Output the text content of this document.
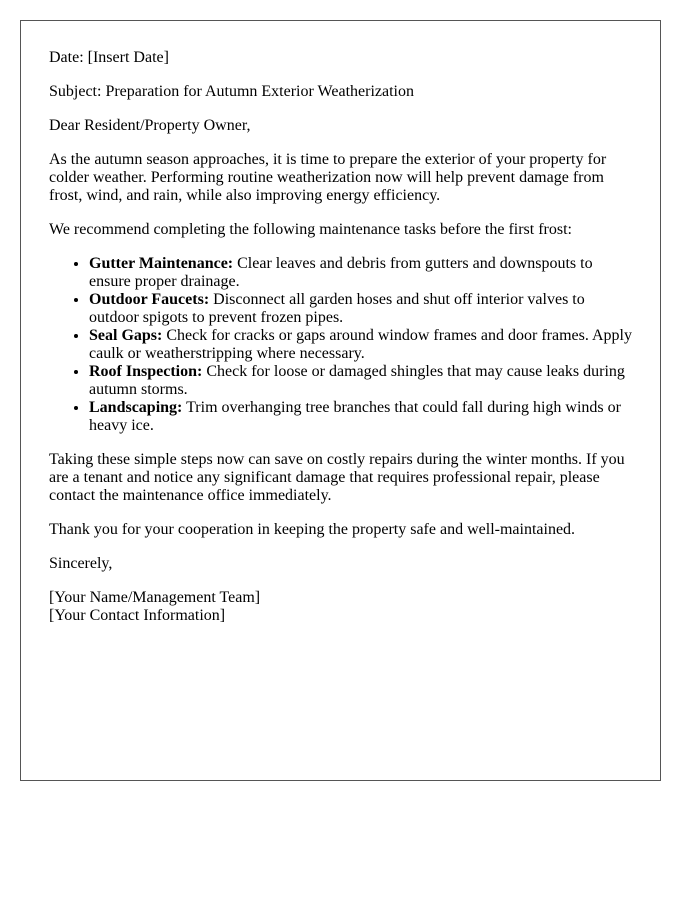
Date: [Insert Date]

Subject: Preparation for Autumn Exterior Weatherization

Dear Resident/Property Owner,

As the autumn season approaches, it is time to prepare the exterior of your property for colder weather. Performing routine weatherization now will help prevent damage from frost, wind, and rain, while also improving energy efficiency.

We recommend completing the following maintenance tasks before the first frost:

• Gutter Maintenance: Clear leaves and debris from gutters and downspouts to ensure proper drainage.
• Outdoor Faucets: Disconnect all garden hoses and shut off interior valves to outdoor spigots to prevent frozen pipes.
• Seal Gaps: Check for cracks or gaps around window frames and door frames. Apply caulk or weatherstripping where necessary.
• Roof Inspection: Check for loose or damaged shingles that may cause leaks during autumn storms.
• Landscaping: Trim overhanging tree branches that could fall during high winds or heavy ice.

Taking these simple steps now can save on costly repairs during the winter months. If you are a tenant and notice any significant damage that requires professional repair, please contact the maintenance office immediately.

Thank you for your cooperation in keeping the property safe and well-maintained.

Sincerely,

[Your Name/Management Team]
[Your Contact Information]
